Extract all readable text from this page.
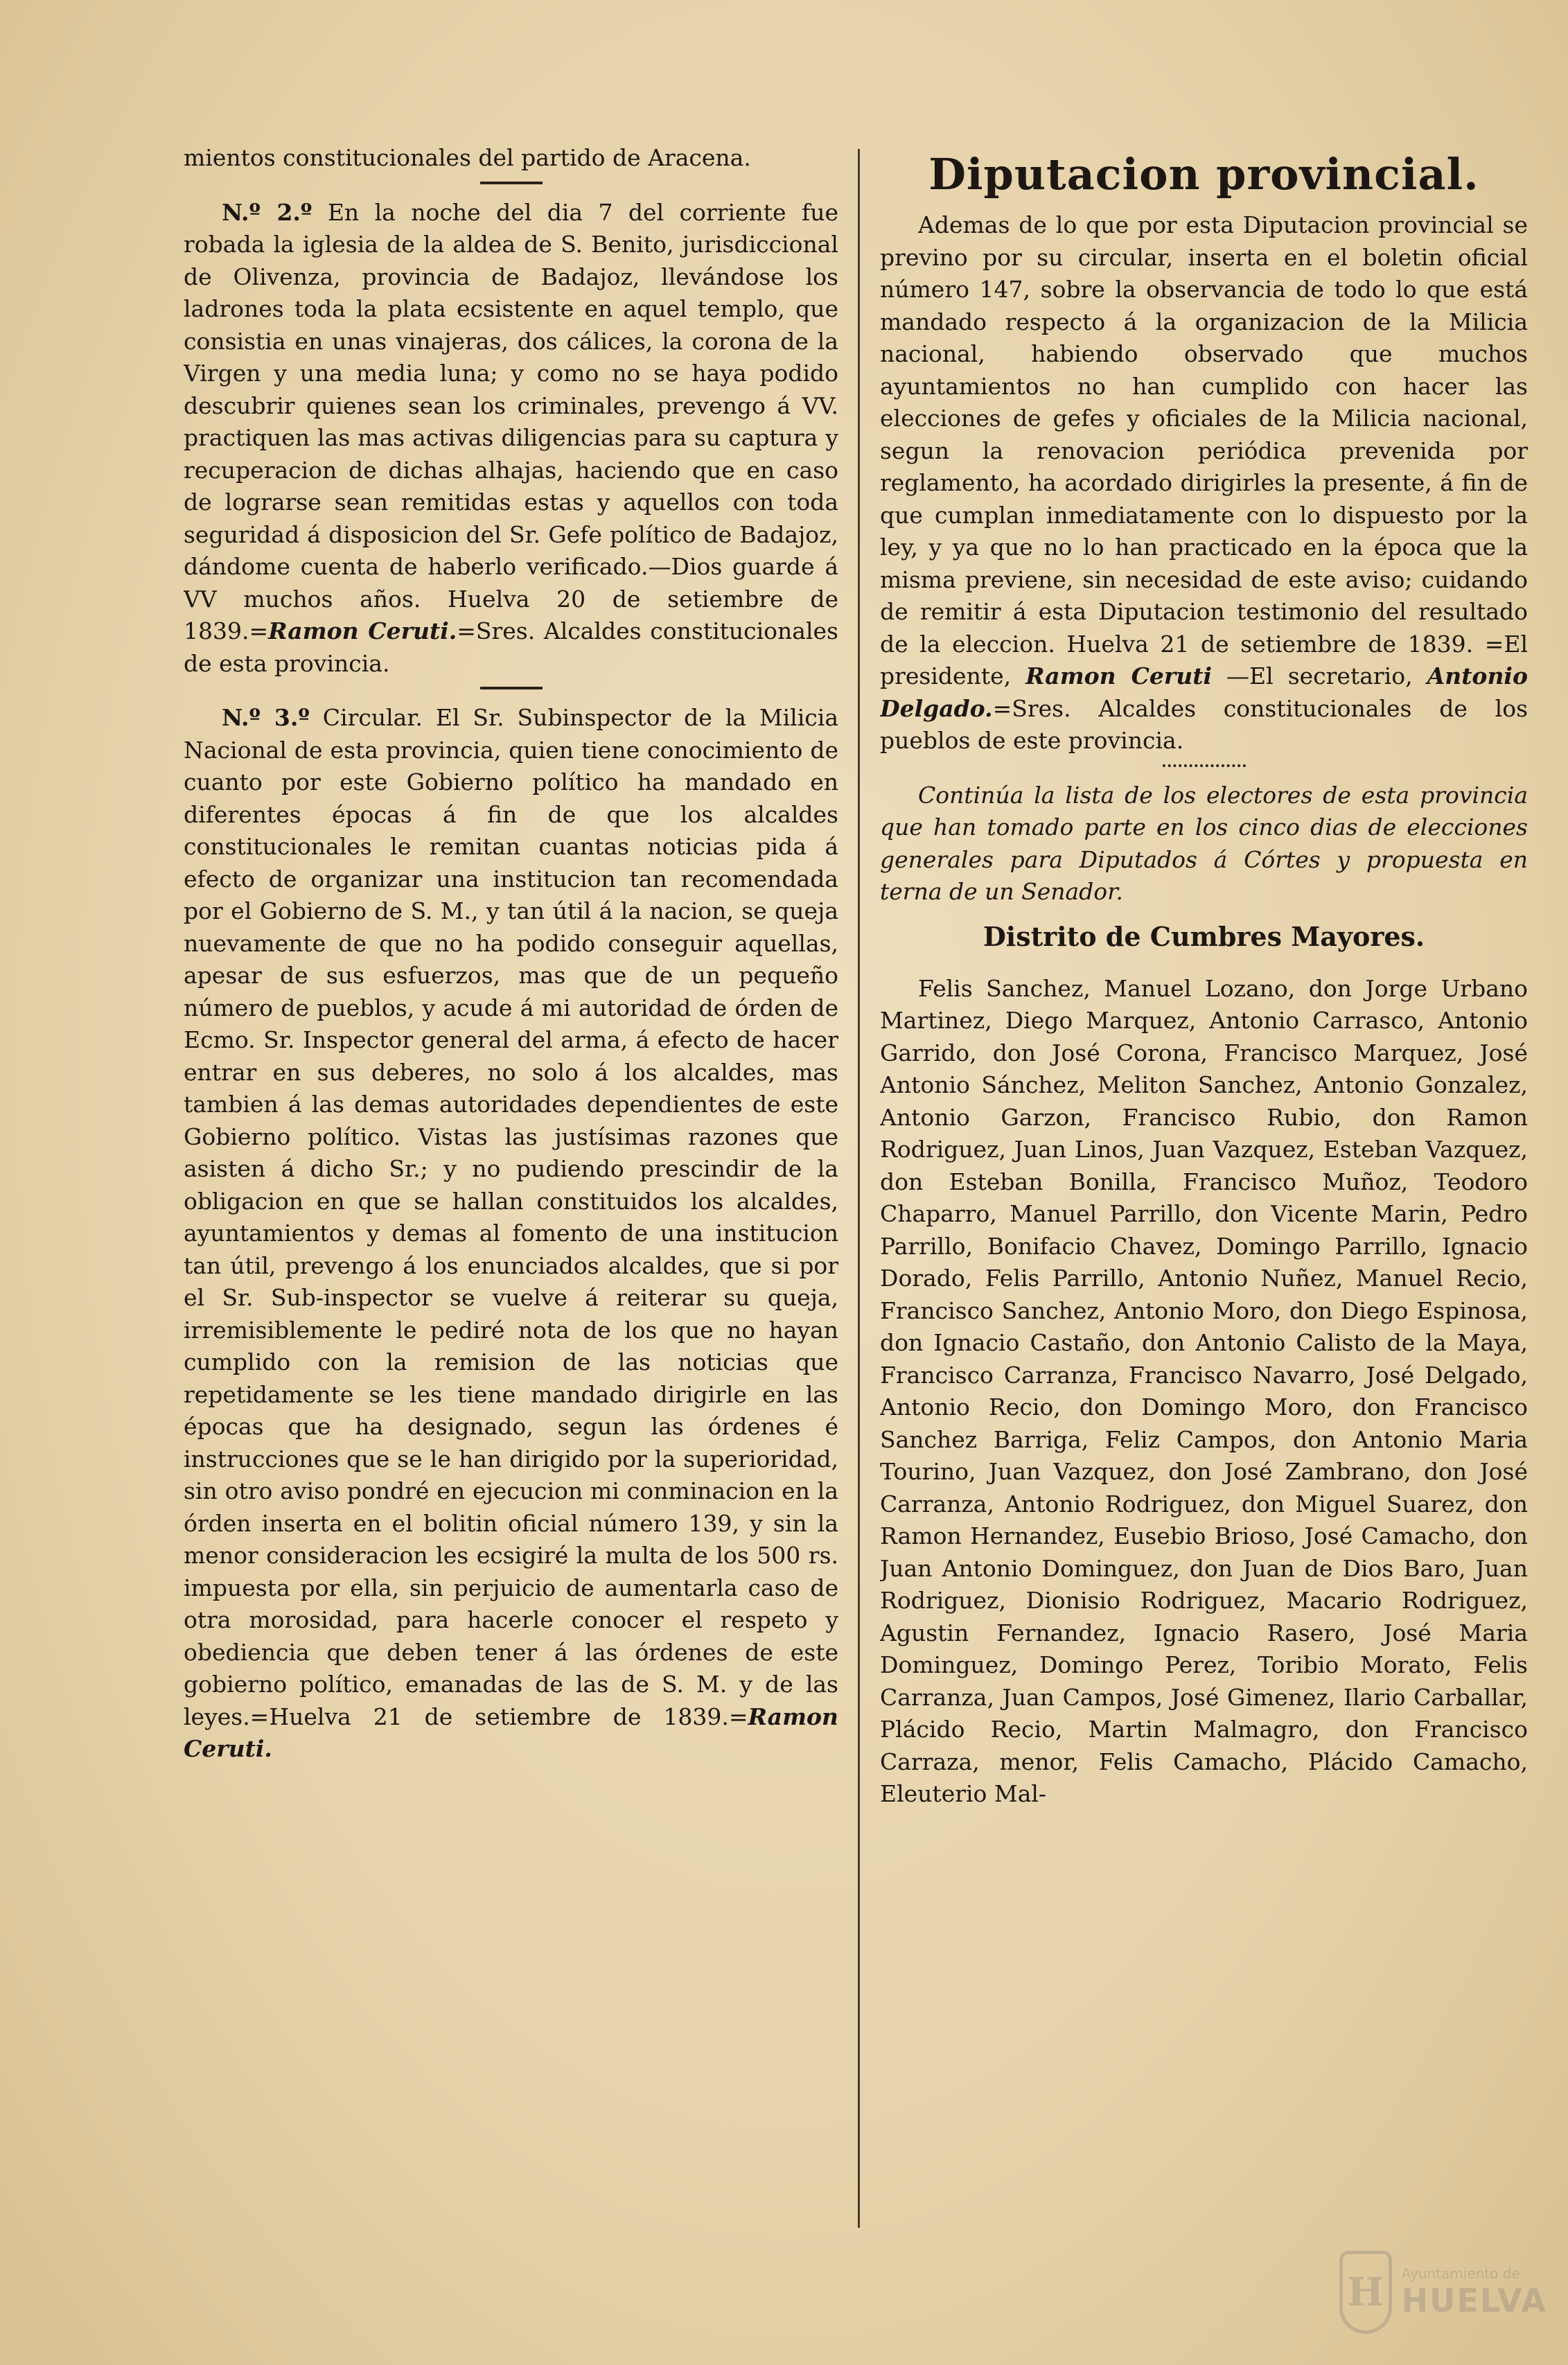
mientos constitucionales del partido de Aracena.

N.º 2.º En la noche del dia 7 del corriente fue robada la iglesia de la aldea de S. Benito, jurisdiccional de Olivenza, provincia de Badajoz, llevándose los ladrones toda la plata ecsistente en aquel templo, que consistia en unas vinajeras, dos cálices, la corona de la Virgen y una media luna; y como no se haya podido descubrir quienes sean los criminales, prevengo á VV. practiquen las mas activas diligencias para su captura y recuperacion de dichas alhajas, haciendo que en caso de lograrse sean remitidas estas y aquellos con toda seguridad á disposicion del Sr. Gefe político de Badajoz, dándome cuenta de haberlo verificado.—Dios guarde á VV muchos años. Huelva 20 de setiembre de 1839.=Ramon Ceruti.=Sres. Alcaldes constitucionales de esta provincia.

N.º 3.º Circular. El Sr. Subinspector de la Milicia Nacional de esta provincia, quien tiene conocimiento de cuanto por este Gobierno político ha mandado en diferentes épocas á fin de que los alcaldes constitucionales le remitan cuantas noticias pida á efecto de organizar una institucion tan recomendada por el Gobierno de S. M., y tan útil á la nacion, se queja nuevamente de que no ha podido conseguir aquellas, apesar de sus esfuerzos, mas que de un pequeño número de pueblos, y acude á mi autoridad de órden de Ecmo. Sr. Inspector general del arma, á efecto de hacer entrar en sus deberes, no solo á los alcaldes, mas tambien á las demas autoridades dependientes de este Gobierno político. Vistas las justísimas razones que asisten á dicho Sr.; y no pudiendo prescindir de la obligacion en que se hallan constituidos los alcaldes, ayuntamientos y demas al fomento de una institucion tan útil, prevengo á los enunciados alcaldes, que si por el Sr. Sub-inspector se vuelve á reiterar su queja, irremisiblemente le pediré nota de los que no hayan cumplido con la remision de las noticias que repetidamente se les tiene mandado dirigirle en las épocas que ha designado, segun las órdenes é instrucciones que se le han dirigido por la superioridad, sin otro aviso pondré en ejecucion mi conminacion en la órden inserta en el bolitin oficial número 139, y sin la menor consideracion les ecsigiré la multa de los 500 rs. impuesta por ella, sin perjuicio de aumentarla caso de otra morosidad, para hacerle conocer el respeto y obediencia que deben tener á las órdenes de este gobierno político, emanadas de las de S. M. y de las leyes.=Huelva 21 de setiembre de 1839.=Ramon Ceruti.

Diputacion provincial.

Ademas de lo que por esta Diputacion provincial se previno por su circular, inserta en el boletin oficial número 147, sobre la observancia de todo lo que está mandado respecto á la organizacion de la Milicia nacional, habiendo observado que muchos ayuntamientos no han cumplido con hacer las elecciones de gefes y oficiales de la Milicia nacional, segun la renovacion periódica prevenida por reglamento, ha acordado dirigirles la presente, á fin de que cumplan inmediatamente con lo dispuesto por la ley, y ya que no lo han practicado en la época que la misma previene, sin necesidad de este aviso; cuidando de remitir á esta Diputacion testimonio del resultado de la eleccion. Huelva 21 de setiembre de 1839. =El presidente, Ramon Ceruti —El secretario, Antonio Delgado.=Sres. Alcaldes constitucionales de los pueblos de este provincia.

Continúa la lista de los electores de esta provincia que han tomado parte en los cinco dias de elecciones generales para Diputados á Córtes y propuesta en terna de un Senador.

Distrito de Cumbres Mayores.

Felis Sanchez, Manuel Lozano, don Jorge Urbano Martinez, Diego Marquez, Antonio Carrasco, Antonio Garrido, don José Corona, Francisco Marquez, José Antonio Sánchez, Meliton Sanchez, Antonio Gonzalez, Antonio Garzon, Francisco Rubio, don Ramon Rodriguez, Juan Linos, Juan Vazquez, Esteban Vazquez, don Esteban Bonilla, Francisco Muñoz, Teodoro Chaparro, Manuel Parrillo, don Vicente Marin, Pedro Parrillo, Bonifacio Chavez, Domingo Parrillo, Ignacio Dorado, Felis Parrillo, Antonio Nuñez, Manuel Recio, Francisco Sanchez, Antonio Moro, don Diego Espinosa, don Ignacio Castaño, don Antonio Calisto de la Maya, Francisco Carranza, Francisco Navarro, José Delgado, Antonio Recio, don Domingo Moro, don Francisco Sanchez Barriga, Feliz Campos, don Antonio Maria Tourino, Juan Vazquez, don José Zambrano, don José Carranza, Antonio Rodriguez, don Miguel Suarez, don Ramon Hernandez, Eusebio Brioso, José Camacho, don Juan Antonio Dominguez, don Juan de Dios Baro, Juan Rodriguez, Dionisio Rodriguez, Macario Rodriguez, Agustin Fernandez, Ignacio Rasero, José Maria Dominguez, Domingo Perez, Toribio Morato, Felis Carranza, Juan Campos, José Gimenez, Ilario Carballar, Plácido Recio, Martin Malmagro, don Francisco Carraza, menor, Felis Camacho, Plácido Camacho, Eleuterio Mal-

H	Ayuntamiento de
HUELVA
